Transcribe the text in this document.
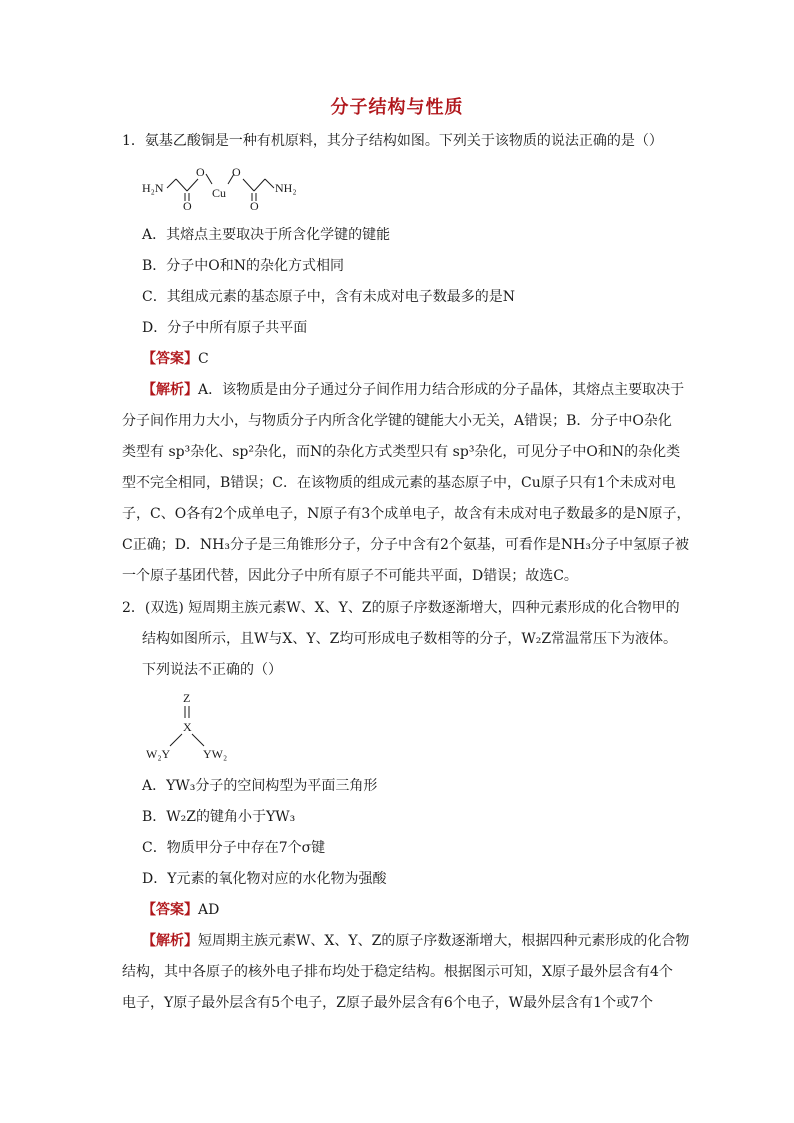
分子结构与性质
1．氨基乙酸铜是一种有机原料，其分子结构如图。下列关于该物质的说法正确的是（）
H₂N
O
O
Cu
O
O
NH₂
A．其熔点主要取决于所含化学键的键能
B．分子中O和N的杂化方式相同
C．其组成元素的基态原子中，含有未成对电子数最多的是N
D．分子中所有原子共平面
【答案】C
【解析】A．该物质是由分子通过分子间作用力结合形成的分子晶体，其熔点主要取决于
分子间作用力大小，与物质分子内所含化学键的键能大小无关，A错误；B．分子中O杂化
类型有 sp³杂化、sp²杂化，而N的杂化方式类型只有 sp³杂化，可见分子中O和N的杂化类
型不完全相同，B错误；C．在该物质的组成元素的基态原子中，Cu原子只有1个未成对电
子，C、O各有2个成单电子，N原子有3个成单电子，故含有未成对电子数最多的是N原子，
C正确；D．NH₃分子是三角锥形分子，分子中含有2个氨基，可看作是NH₃分子中氢原子被
一个原子基团代替，因此分子中所有原子不可能共平面，D错误；故选C。
2．(双选) 短周期主族元素W、X、Y、Z的原子序数逐渐增大，四种元素形成的化合物甲的
结构如图所示，且W与X、Y、Z均可形成电子数相等的分子，W₂Z常温常压下为液体。
下列说法不正确的（）
Z
X
W₂Y	YW₂
A．YW₃分子的空间构型为平面三角形
B．W₂Z的键角小于YW₃
C．物质甲分子中存在7个σ键
D．Y元素的氧化物对应的水化物为强酸
【答案】AD
【解析】短周期主族元素W、X、Y、Z的原子序数逐渐增大，根据四种元素形成的化合物
结构，其中各原子的核外电子排布均处于稳定结构。根据图示可知，X原子最外层含有4个
电子，Y原子最外层含有5个电子，Z原子最外层含有6个电子，W最外层含有1个或7个
